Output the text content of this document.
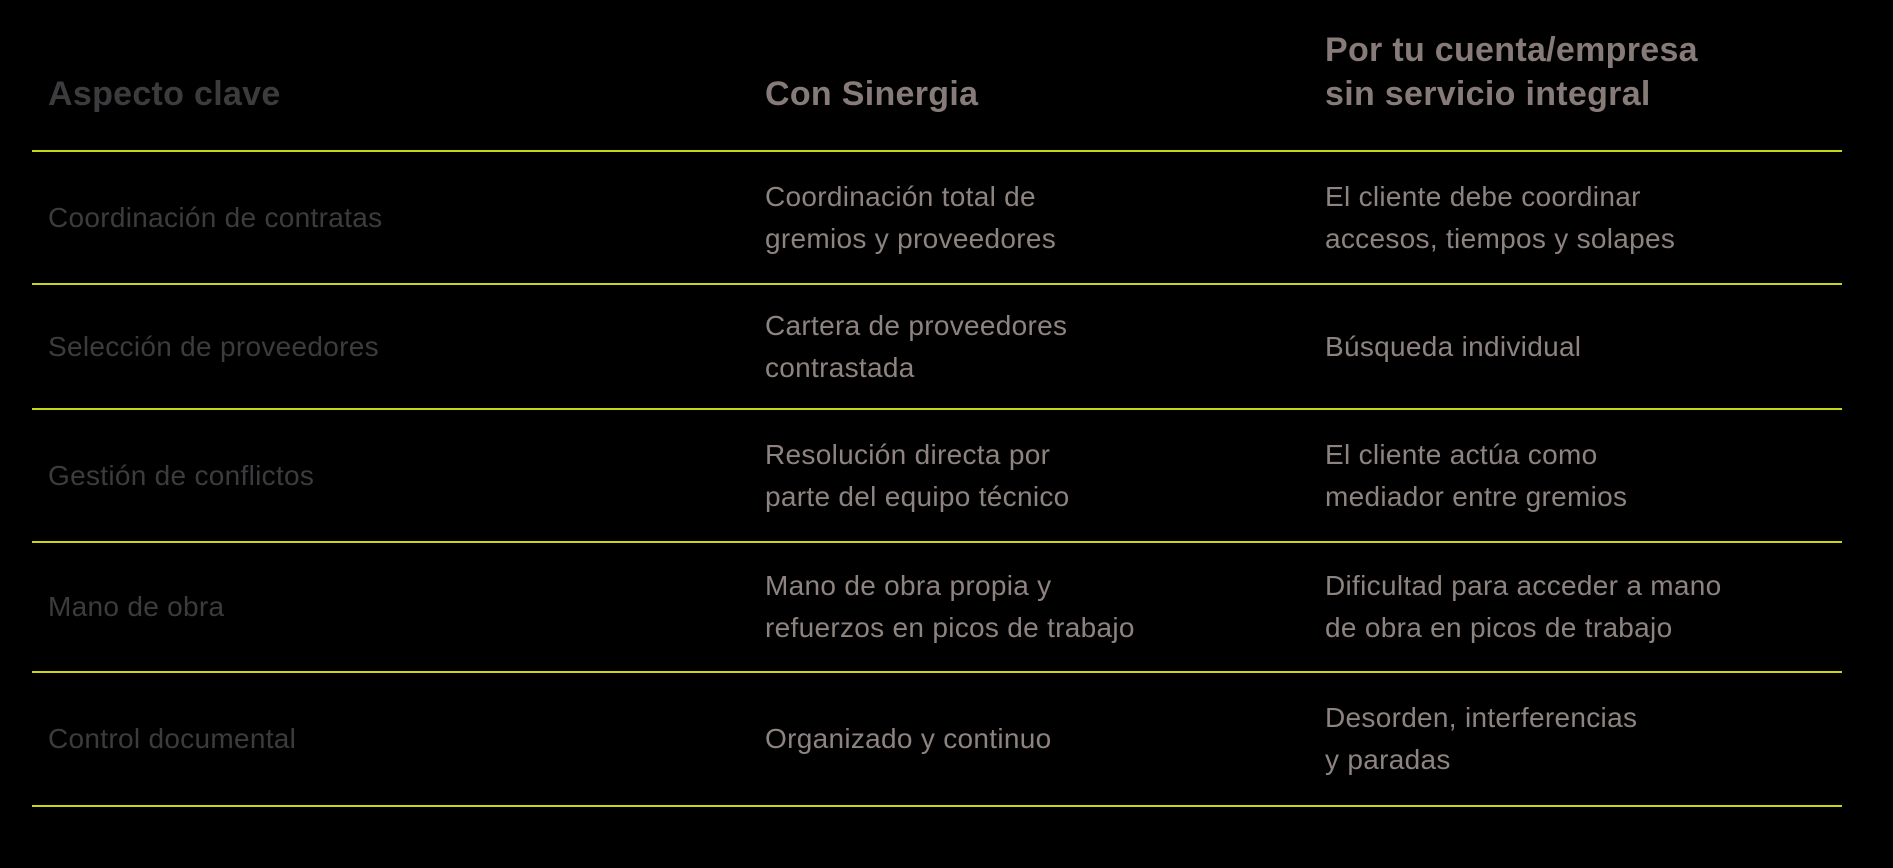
Aspecto clave	Con Sinergia
Por tu cuenta/empresa
sin servicio integral
Coordinación de contratas
Coordinación total de
gremios y proveedores
El cliente debe coordinar
accesos, tiempos y solapes
Selección de proveedores
Cartera de proveedores
contrastada
Búsqueda individual
Gestión de conflictos
Resolución directa por
parte del equipo técnico
El cliente actúa como
mediador entre gremios
Mano de obra
Mano de obra propia y
refuerzos en picos de trabajo
Dificultad para acceder a mano
de obra en picos de trabajo
Control documental	Organizado y continuo
Desorden, interferencias
y paradas
